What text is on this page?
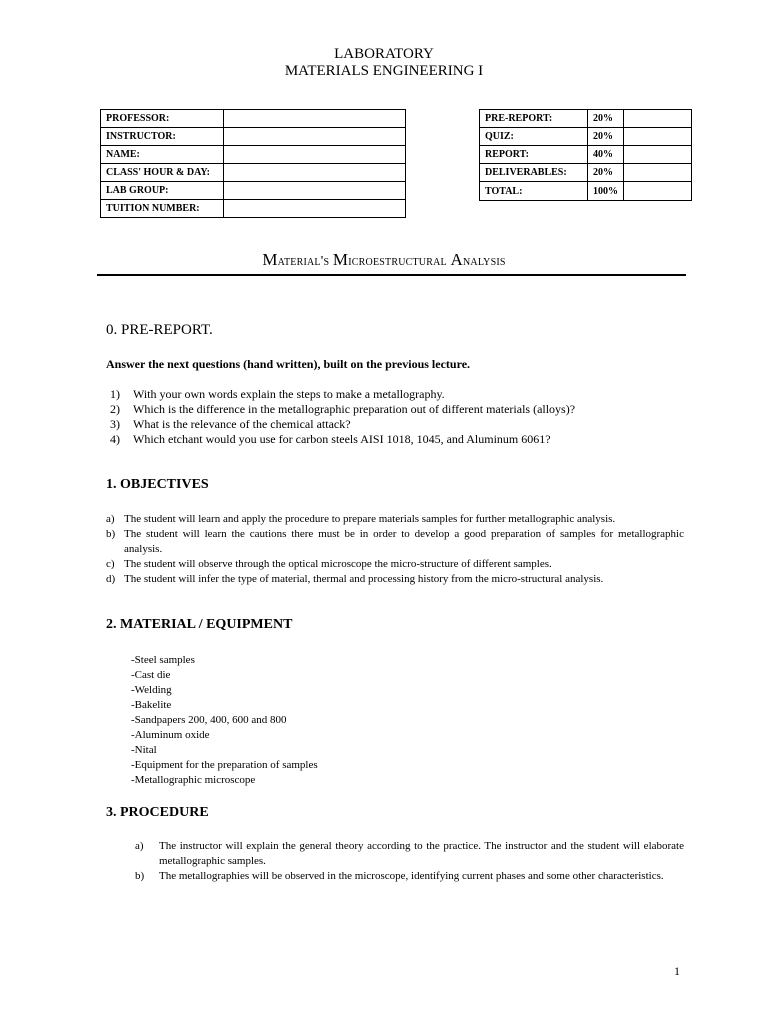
LABORATORY
MATERIALS ENGINEERING I
PROFESSOR:	
INSTRUCTOR:	
NAME:	
CLASS' HOUR & DAY:	
LAB GROUP:	
TUITION NUMBER:	
PRE-REPORT:	20%	
QUIZ:	20%	
REPORT:	40%	
DELIVERABLES:	20%	
TOTAL:	100%	
Material's Microestructural Analysis
0. PRE-REPORT.
Answer the next questions (hand written), built on the previous lecture.
1) With your own words explain the steps to make a metallography.
2) Which is the difference in the metallographic preparation out of different materials (alloys)?
3) What is the relevance of the chemical attack?
4) Which etchant would you use for carbon steels AISI 1018, 1045, and Aluminum 6061?
1. OBJECTIVES
a) The student will learn and apply the procedure to prepare materials samples for further metallographic analysis.
b) The student will learn the cautions there must be in order to develop a good preparation of samples for metallographic analysis.
c) The student will observe through the optical microscope the micro-structure of different samples.
d) The student will infer the type of material, thermal and processing history from the micro-structural analysis.
2. MATERIAL / EQUIPMENT
-Steel samples
-Cast die
-Welding
-Bakelite
-Sandpapers 200, 400, 600 and 800
-Aluminum oxide
-Nital
-Equipment for the preparation of samples
-Metallographic microscope
3. PROCEDURE
a)	The instructor will explain the general theory according to the practice. The instructor and the student will elaborate metallographic samples.
b)	The metallographies will be observed in the microscope, identifying current phases and some other characteristics.
1
